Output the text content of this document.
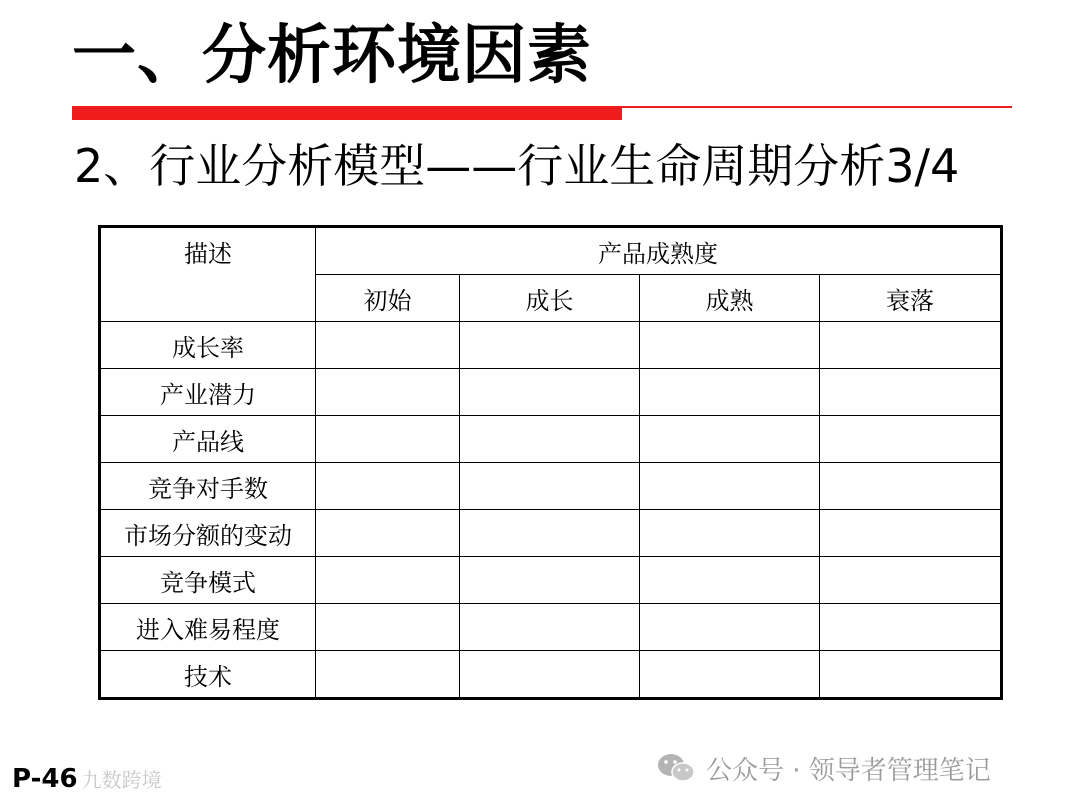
一、分析环境因素
2、行业分析模型——行业生命周期分析3/4
描述	产品成熟度			
	初始	成长	成熟	衰落
成长率				
产业潜力				
产品线				
竞争对手数				
市场分额的变动				
竞争模式				
进入难易程度				
技术				
P-46 九数跨境	公众号 · 领导者管理笔记
